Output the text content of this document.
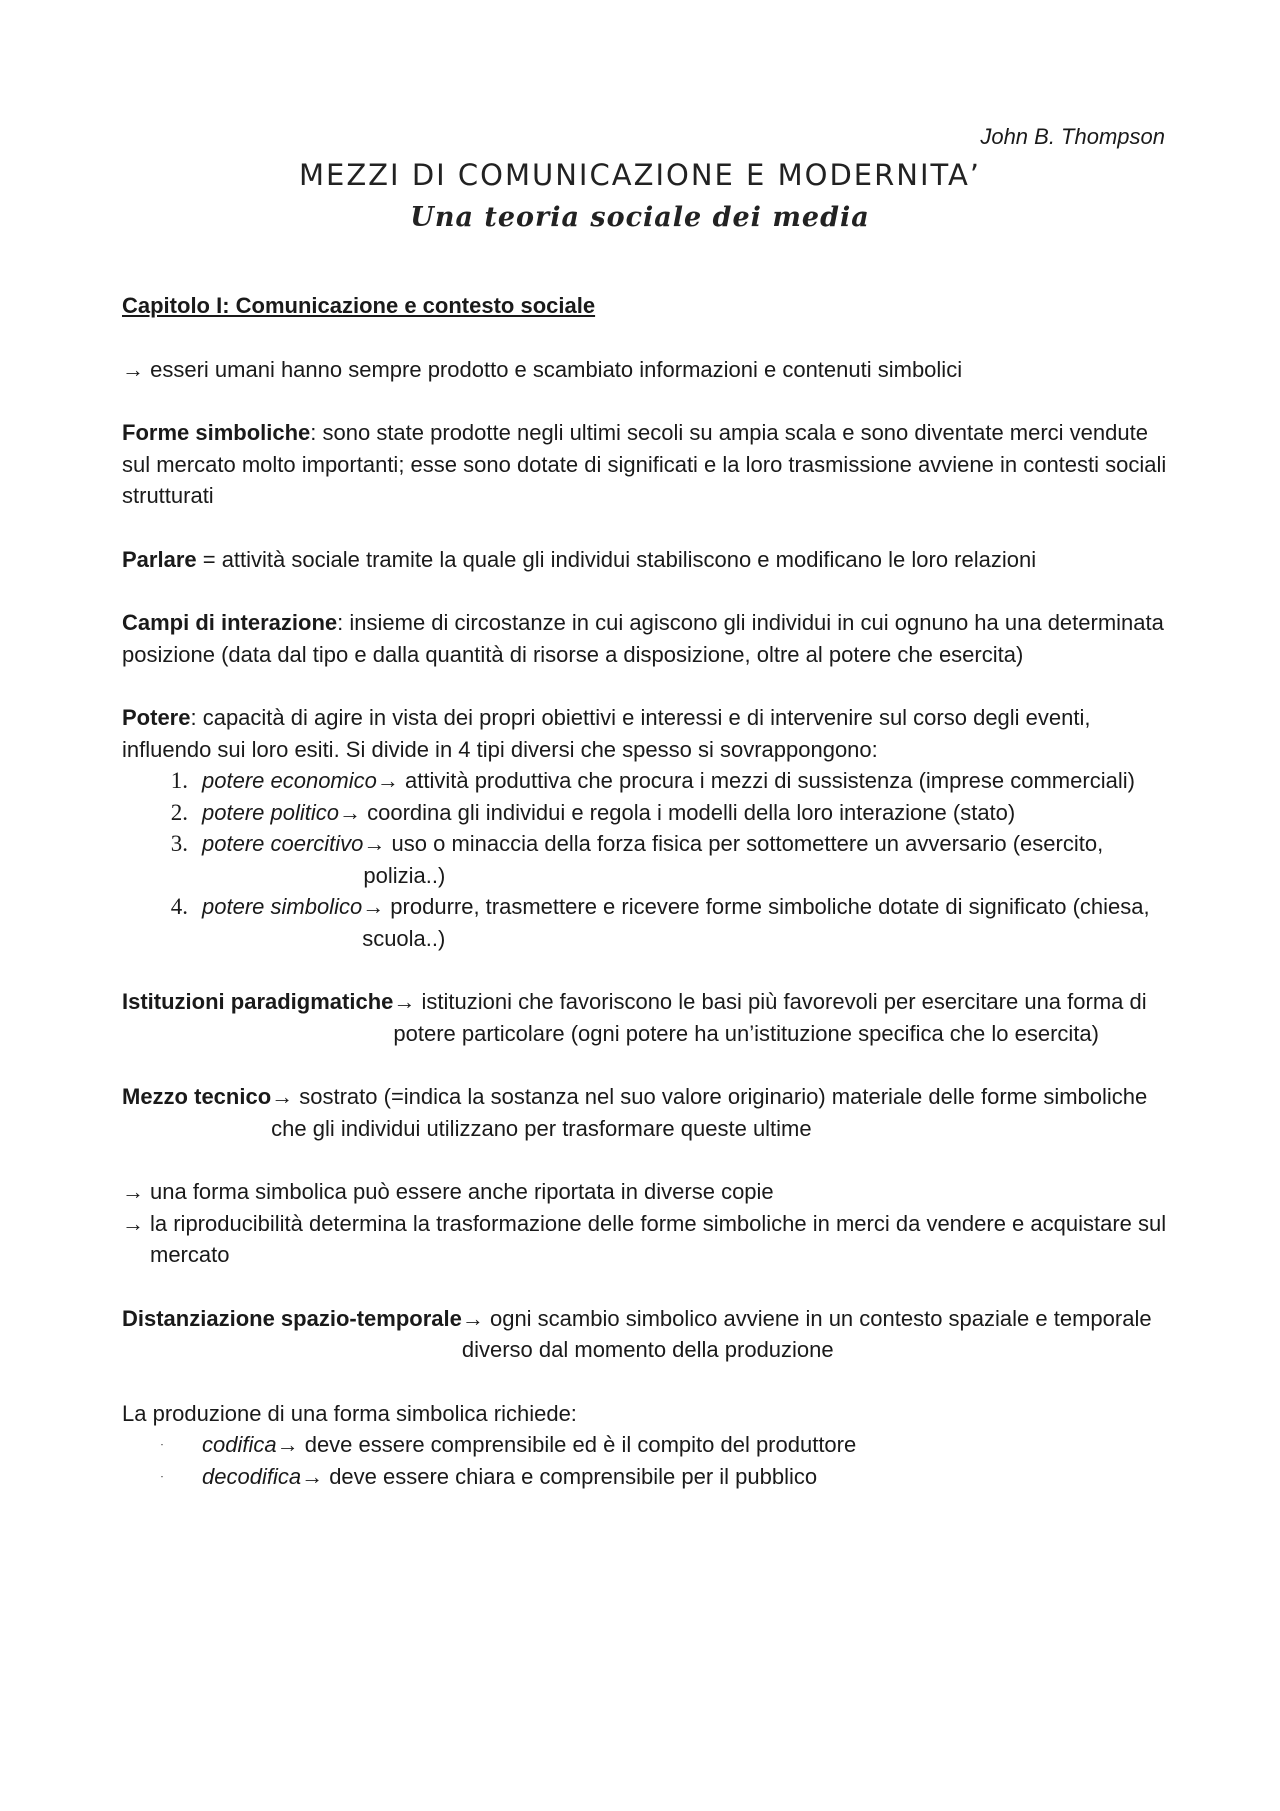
John B. Thompson
MEZZI DI COMUNICAZIONE E MODERNITA’
Una teoria sociale dei media
Capitolo I: Comunicazione e contesto sociale

→ esseri umani hanno sempre prodotto e scambiato informazioni e contenuti simbolici

Forme simboliche: sono state prodotte negli ultimi secoli su ampia scala e sono diventate merci vendute sul mercato molto importanti; esse sono dotate di significati e la loro trasmissione avviene in contesti sociali strutturati

Parlare = attività sociale tramite la quale gli individui stabiliscono e modificano le loro relazioni

Campi di interazione: insieme di circostanze in cui agiscono gli individui in cui ognuno ha una determinata posizione (data dal tipo e dalla quantità di risorse a disposizione, oltre al potere che esercita)

Potere: capacità di agire in vista dei propri obiettivi e interessi e di intervenire sul corso degli eventi, influendo sui loro esiti. Si divide in 4 tipi diversi che spesso si sovrappongono:

1. potere economico → attività produttiva che procura i mezzi di sussistenza (imprese commerciali)
2. potere politico → coordina gli individui e regola i modelli della loro interazione (stato)
3. potere coercitivo → uso o minaccia della forza fisica per sottomettere un avversario (esercito, polizia..)
4. potere simbolico → produrre, trasmettere e ricevere forme simboliche dotate di significato (chiesa, scuola..)

Istituzioni paradigmatiche → istituzioni che favoriscono le basi più favorevoli per esercitare una forma di potere particolare (ogni potere ha un’istituzione specifica che lo esercita)

Mezzo tecnico → sostrato (=indica la sostanza nel suo valore originario) materiale delle forme simboliche che gli individui utilizzano per trasformare queste ultime

→ una forma simbolica può essere anche riportata in diverse copie
→ la riproducibilità determina la trasformazione delle forme simboliche in merci da vendere e acquistare sul mercato

Distanziazione spazio-temporale → ogni scambio simbolico avviene in un contesto spaziale e temporale diverso dal momento della produzione

La produzione di una forma simbolica richiede:
-	codifica → deve essere comprensibile ed è il compito del produttore
-	decodifica → deve essere chiara e comprensibile per il pubblico
